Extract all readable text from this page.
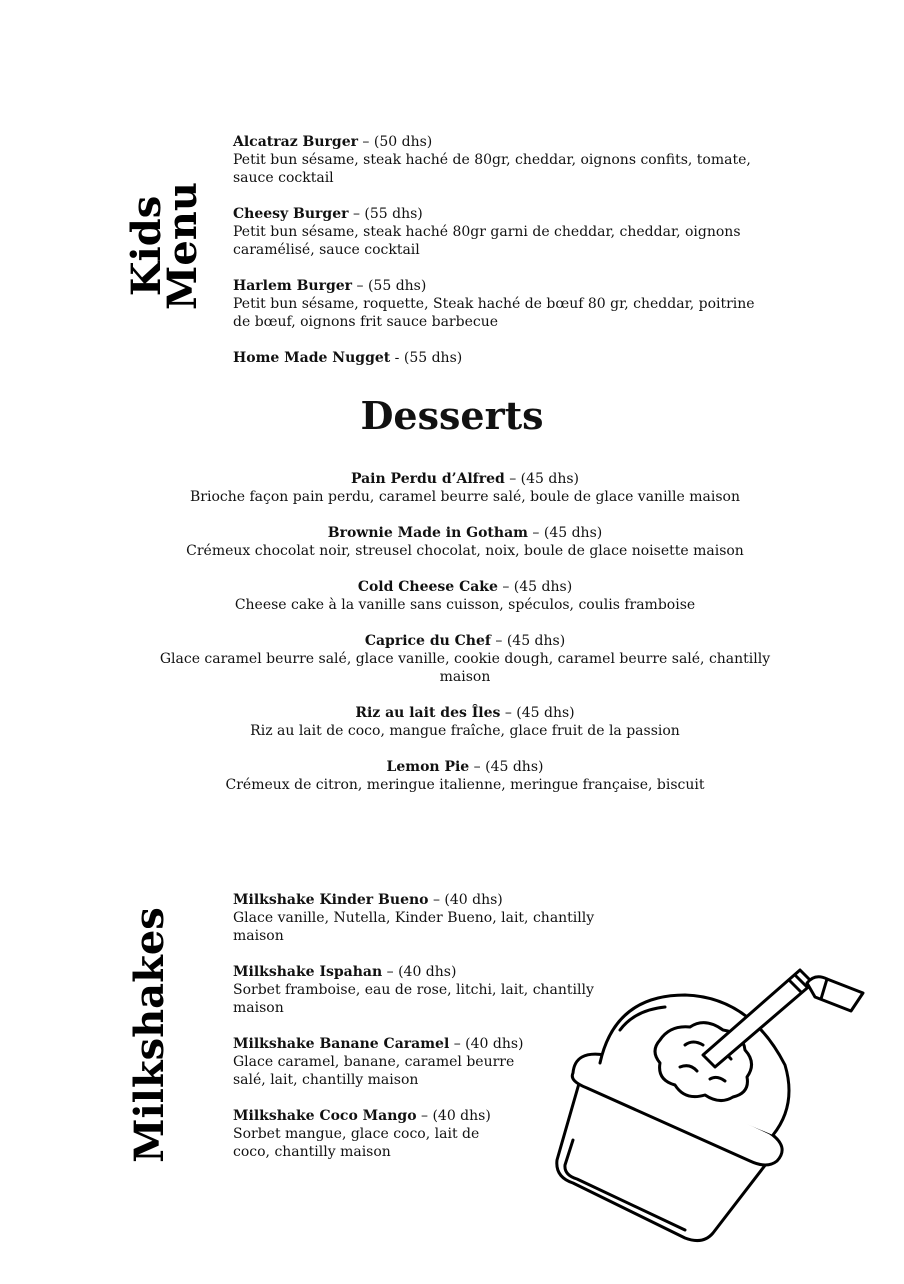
Kids
Menu
Alcatraz Burger – (50 dhs)
Petit bun sésame, steak haché de 80gr, cheddar, oignons confits, tomate, sauce cocktail
Cheesy Burger – (55 dhs)
Petit bun sésame, steak haché 80gr garni de cheddar, cheddar, oignons caramélisé, sauce cocktail
Harlem Burger – (55 dhs)
Petit bun sésame, roquette, Steak haché de bœuf 80 gr, cheddar, poitrine de bœuf, oignons frit sauce barbecue
Home Made Nugget - (55 dhs)
Desserts
Pain Perdu d’Alfred – (45 dhs)
Brioche façon pain perdu, caramel beurre salé, boule de glace vanille maison
Brownie Made in Gotham – (45 dhs)
Crémeux chocolat noir, streusel chocolat, noix, boule de glace noisette maison
Cold Cheese Cake – (45 dhs)
Cheese cake à la vanille sans cuisson, spéculos, coulis framboise
Caprice du Chef – (45 dhs)
Glace caramel beurre salé, glace vanille, cookie dough, caramel beurre salé, chantilly maison
Riz au lait des Îles – (45 dhs)
Riz au lait de coco, mangue fraîche, glace fruit de la passion
Lemon Pie – (45 dhs)
Crémeux de citron, meringue italienne, meringue française, biscuit
Milkshakes
Milkshake Kinder Bueno – (40 dhs)
Glace vanille, Nutella, Kinder Bueno, lait, chantilly maison
Milkshake Ispahan – (40 dhs)
Sorbet framboise, eau de rose, litchi, lait, chantilly maison
Milkshake Banane Caramel – (40 dhs)
Glace caramel, banane, caramel beurre salé, lait, chantilly maison
Milkshake Coco Mango – (40 dhs)
Sorbet mangue, glace coco, lait de coco, chantilly maison
